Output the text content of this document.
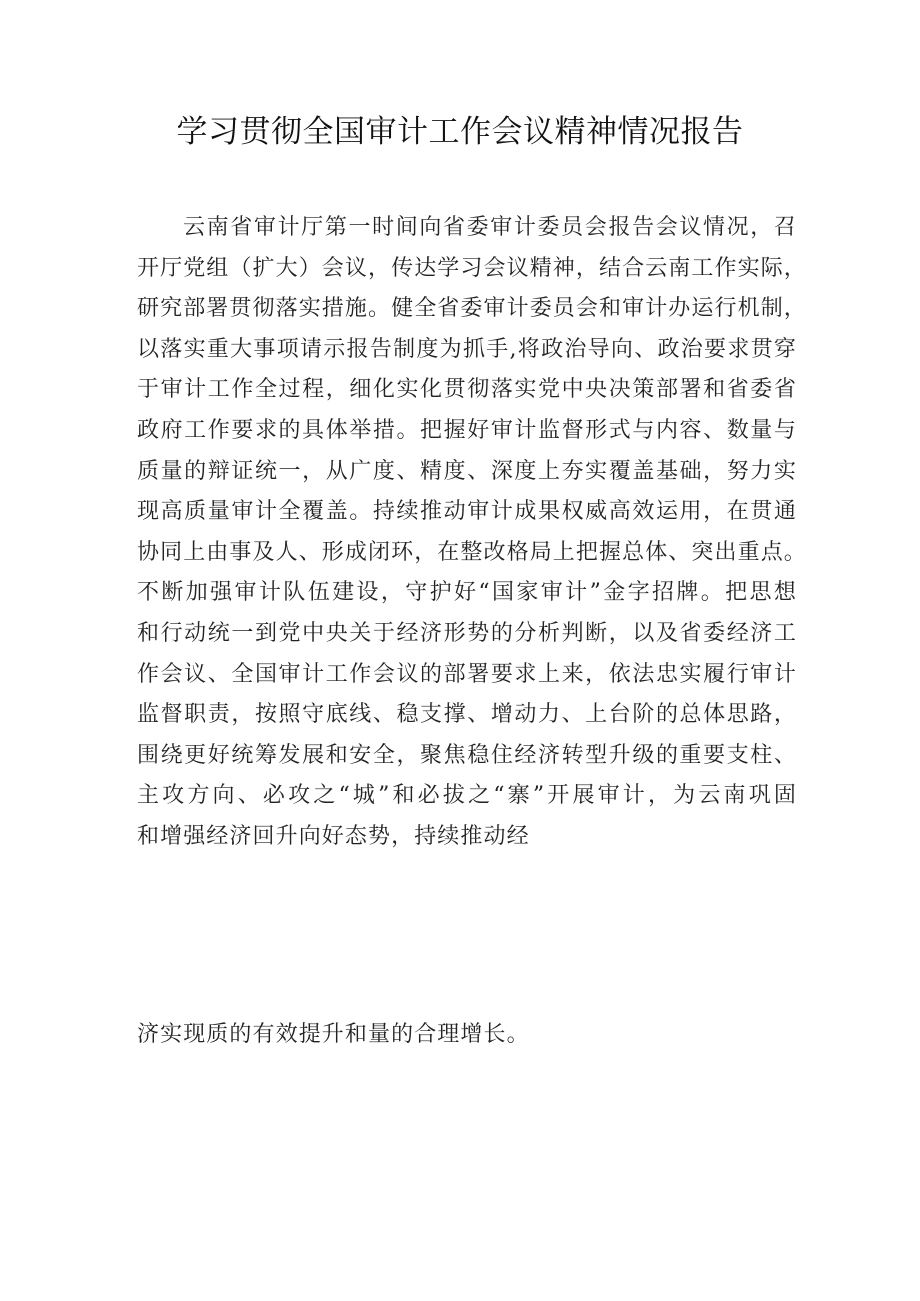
学习贯彻全国审计工作会议精神情况报告
云南省审计厅第一时间向省委审计委员会报告会议情况，召
开厅党组（扩大）会议，传达学习会议精神，结合云南工作实际，
研究部署贯彻落实措施。健全省委审计委员会和审计办运行机制，
以落实重大事项请示报告制度为抓手,将政治导向、政治要求贯穿
于审计工作全过程，细化实化贯彻落实党中央决策部署和省委省
政府工作要求的具体举措。把握好审计监督形式与内容、数量与
质量的辩证统一，从广度、精度、深度上夯实覆盖基础，努力实
现高质量审计全覆盖。持续推动审计成果权威高效运用，在贯通
协同上由事及人、形成闭环，在整改格局上把握总体、突出重点。
不断加强审计队伍建设，守护好“国家审计”金字招牌。把思想
和行动统一到党中央关于经济形势的分析判断，以及省委经济工
作会议、全国审计工作会议的部署要求上来，依法忠实履行审计
监督职责，按照守底线、稳支撑、增动力、上台阶的总体思路，
围绕更好统筹发展和安全，聚焦稳住经济转型升级的重要支柱、
主攻方向、必攻之“城”和必拔之“寨”开展审计，为云南巩固
和增强经济回升向好态势，持续推动经
济实现质的有效提升和量的合理增长。
